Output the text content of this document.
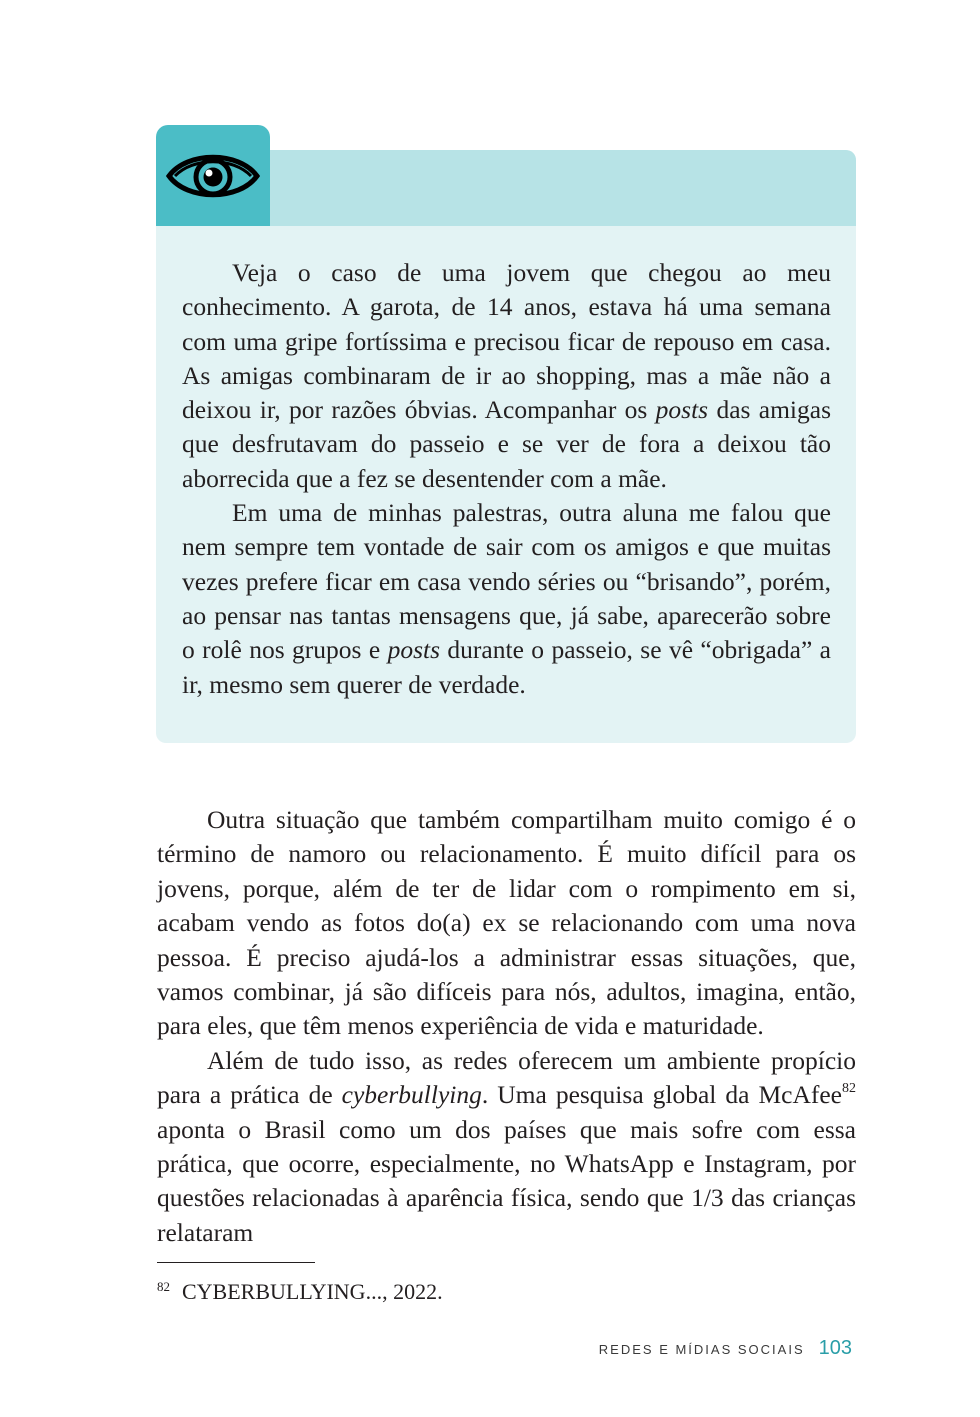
Veja o caso de uma jovem que chegou ao meu conhecimento. A garota, de 14 anos, estava há uma semana com uma gripe fortíssima e precisou ficar de repouso em casa. As amigas combinaram de ir ao shopping, mas a mãe não a deixou ir, por razões óbvias. Acompanhar os posts das amigas que desfrutavam do passeio e se ver de fora a deixou tão aborrecida que a fez se desentender com a mãe.

Em uma de minhas palestras, outra aluna me falou que nem sempre tem vontade de sair com os amigos e que muitas vezes prefere ficar em casa vendo séries ou “brisando”, porém, ao pensar nas tantas mensagens que, já sabe, aparecerão sobre o rolê nos grupos e posts durante o passeio, se vê “obrigada” a ir, mesmo sem querer de verdade.

Outra situação que também compartilham muito comigo é o término de namoro ou relacionamento. É muito difícil para os jovens, porque, além de ter de lidar com o rompimento em si, acabam vendo as fotos do(a) ex se relacionando com uma nova pessoa. É preciso ajudá-los a administrar essas situações, que, vamos combinar, já são difíceis para nós, adultos, imagina, então, para eles, que têm menos experiência de vida e maturidade.

Além de tudo isso, as redes oferecem um ambiente propício para a prática de cyberbullying. Uma pesquisa global da McAfee$^{82}$ aponta o Brasil como um dos países que mais sofre com essa prática, que ocorre, especialmente, no WhatsApp e Instagram, por questões relacionadas à aparência física, sendo que 1/3 das crianças relataram

$^{82}$ CYBERBULLYING..., 2022.
REDES E MÍDIAS SOCIAIS 103
